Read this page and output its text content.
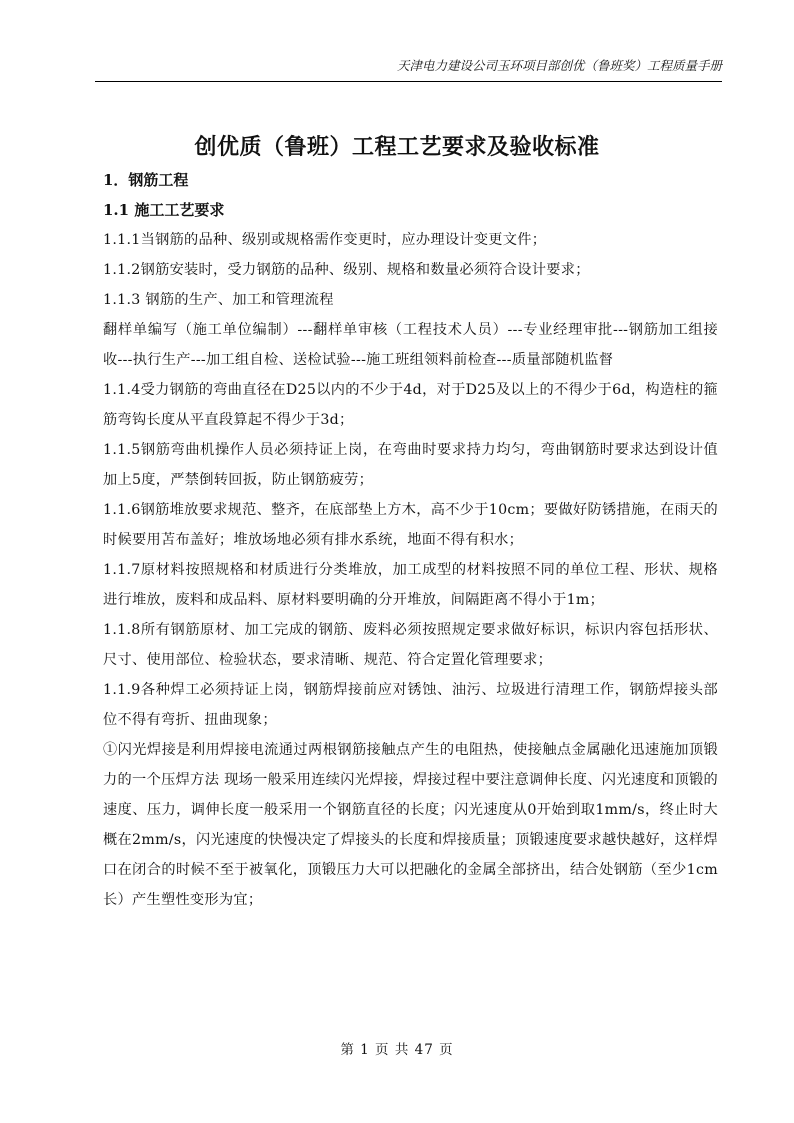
天津电力建设公司玉环项目部创优（鲁班奖）工程质量手册
创优质（鲁班）工程工艺要求及验收标准
1．钢筋工程
1.1 施工工艺要求

1.1.1当钢筋的品种、级别或规格需作变更时，应办理设计变更文件；

1.1.2钢筋安装时，受力钢筋的品种、级别、规格和数量必须符合设计要求；

1.1.3 钢筋的生产、加工和管理流程

翻样单编写（施工单位编制）---翻样单审核（工程技术人员）---专业经理审批---钢筋加工组接收---执行生产---加工组自检、送检试验---施工班组领料前检查---质量部随机监督

1.1.4受力钢筋的弯曲直径在D25以内的不少于4d，对于D25及以上的不得少于6d，构造柱的箍筋弯钩长度从平直段算起不得少于3d；

1.1.5钢筋弯曲机操作人员必须持证上岗，在弯曲时要求持力均匀，弯曲钢筋时要求达到设计值加上5度，严禁倒转回扳，防止钢筋疲劳；

1.1.6钢筋堆放要求规范、整齐，在底部垫上方木，高不少于10cm；要做好防锈措施，在雨天的时候要用苫布盖好；堆放场地必须有排水系统，地面不得有积水；

1.1.7原材料按照规格和材质进行分类堆放，加工成型的材料按照不同的单位工程、形状、规格进行堆放，废料和成品料、原材料要明确的分开堆放，间隔距离不得小于1m；

1.1.8所有钢筋原材、加工完成的钢筋、废料必须按照规定要求做好标识，标识内容包括形状、尺寸、使用部位、检验状态，要求清晰、规范、符合定置化管理要求；

1.1.9各种焊工必须持证上岗，钢筋焊接前应对锈蚀、油污、垃圾进行清理工作，钢筋焊接头部位不得有弯折、扭曲现象；

①闪光焊接是利用焊接电流通过两根钢筋接触点产生的电阻热，使接触点金属融化迅速施加顶锻力的一个压焊方法 现场一般采用连续闪光焊接，焊接过程中要注意调伸长度、闪光速度和顶锻的速度、压力，调伸长度一般采用一个钢筋直径的长度；闪光速度从0开始到取1mm/s，终止时大概在2mm/s，闪光速度的快慢决定了焊接头的长度和焊接质量；顶锻速度要求越快越好，这样焊口在闭合的时候不至于被氧化，顶锻压力大可以把融化的金属全部挤出，结合处钢筋（至少1cm长）产生塑性变形为宜；

第 1 页 共 47 页
